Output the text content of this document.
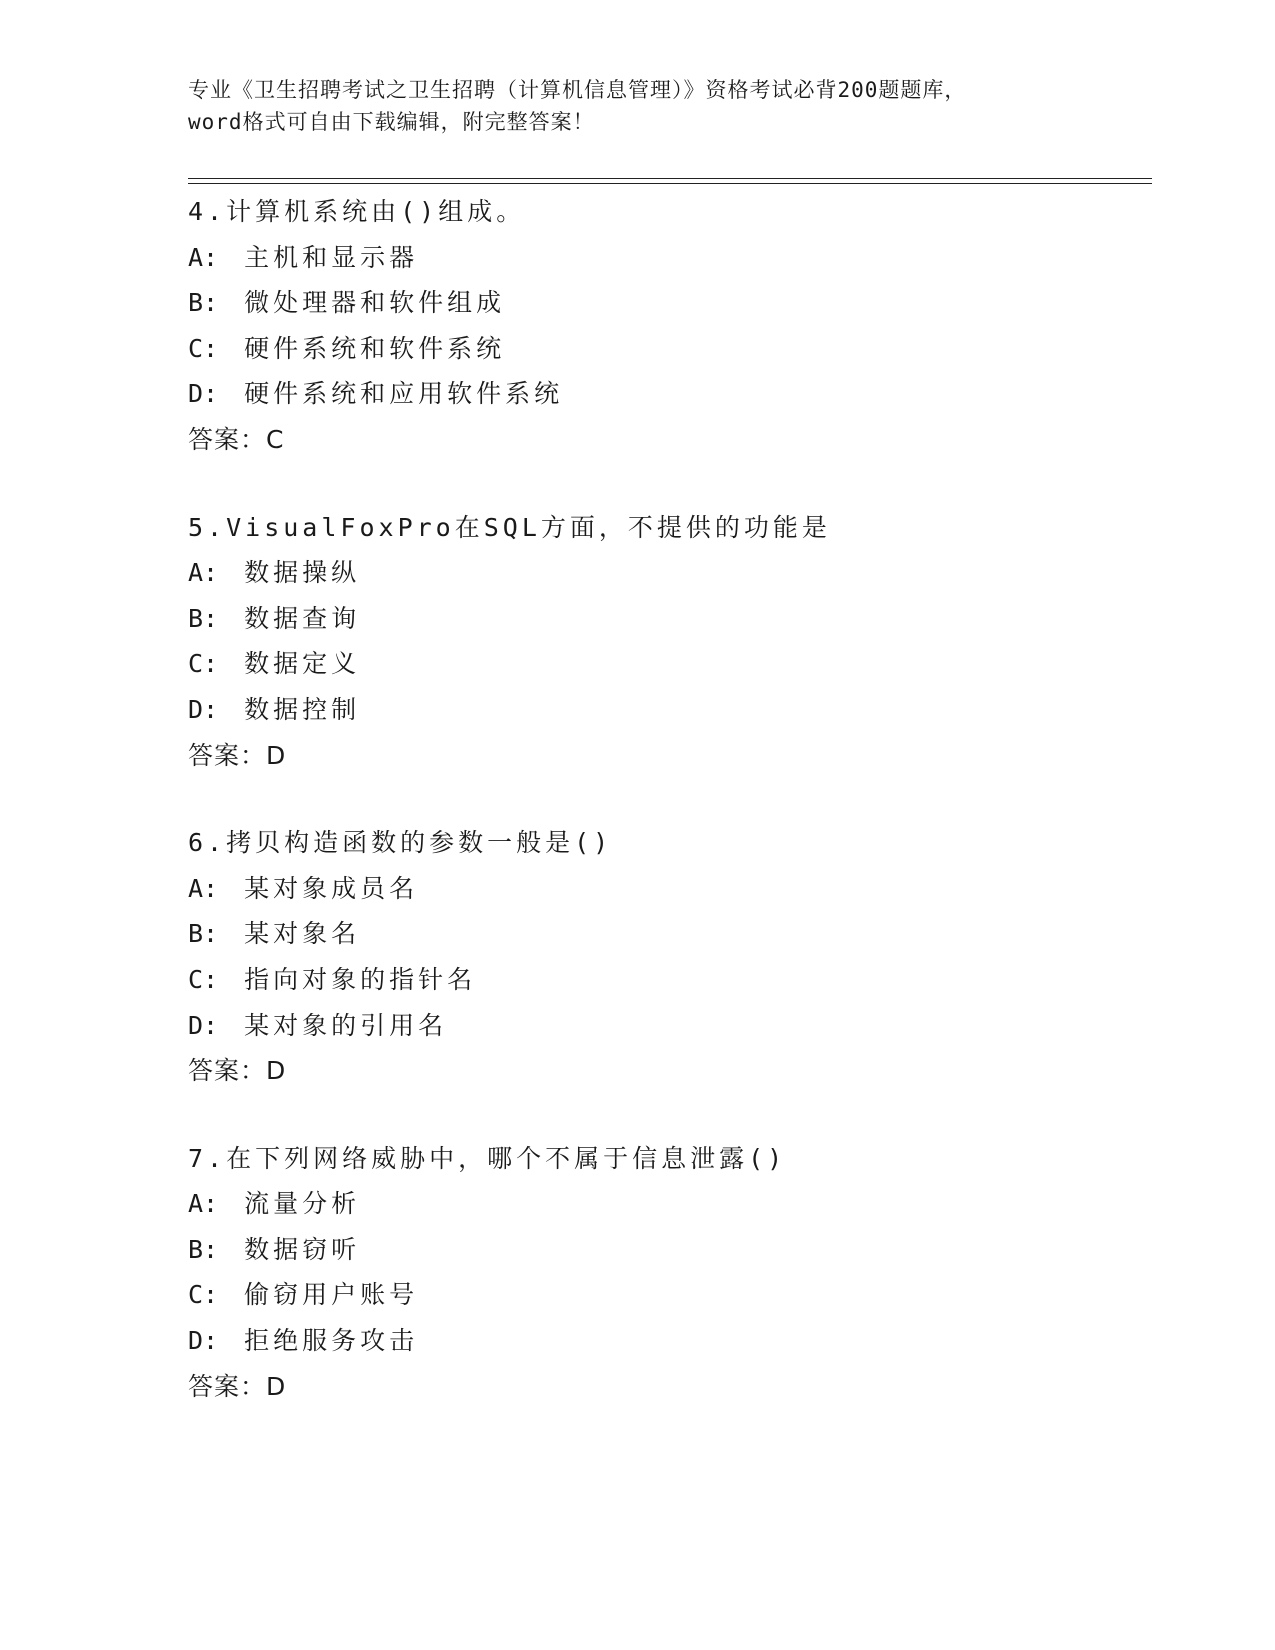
专业《卫生招聘考试之卫生招聘（计算机信息管理）》资格考试必背200题题库，
word格式可自由下载编辑，附完整答案！
4.计算机系统由()组成。
A: 主机和显示器
B: 微处理器和软件组成
C: 硬件系统和软件系统
D: 硬件系统和应用软件系统
答案：C
5.VisualFoxPro在SQL方面，不提供的功能是
A: 数据操纵
B: 数据查询
C: 数据定义
D: 数据控制
答案：D
6.拷贝构造函数的参数一般是()
A: 某对象成员名
B: 某对象名
C: 指向对象的指针名
D: 某对象的引用名
答案：D
7.在下列网络威胁中，哪个不属于信息泄露()
A: 流量分析
B: 数据窃听
C: 偷窃用户账号
D: 拒绝服务攻击
答案：D
